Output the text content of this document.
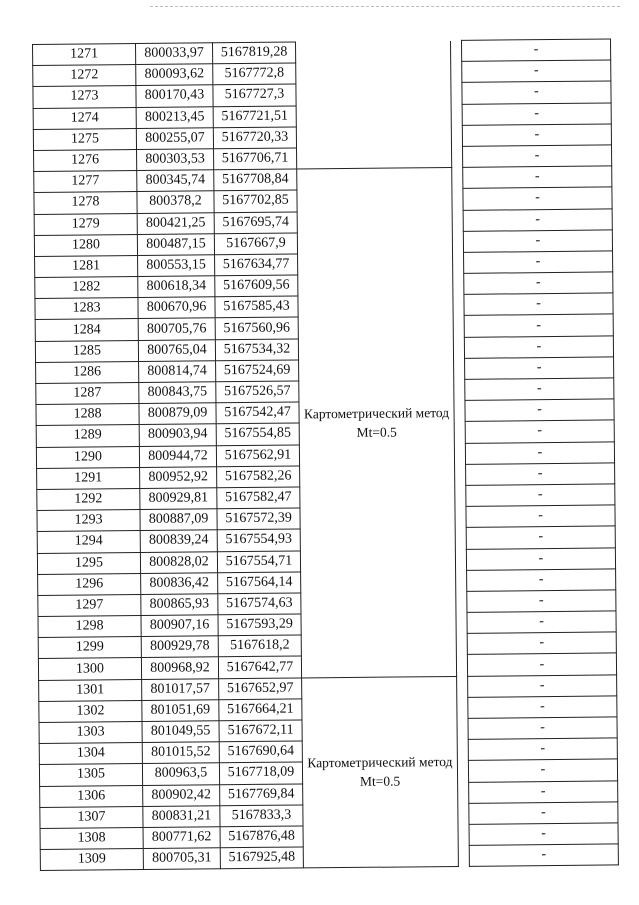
1271	800033,97	5167819,28			-
1272	800093,62	5167772,8			-
1273	800170,43	5167727,3			-
1274	800213,45	5167721,51			-
1275	800255,07	5167720,33			-
1276	800303,53	5167706,71			-
1277	800345,74	5167708,84	Картометрический метод Mt=0.5		-
1278	800378,2	5167702,85			-
1279	800421,25	5167695,74			-
1280	800487,15	5167667,9			-
1281	800553,15	5167634,77			-
1282	800618,34	5167609,56			-
1283	800670,96	5167585,43			-
1284	800705,76	5167560,96			-
1285	800765,04	5167534,32			-
1286	800814,74	5167524,69			-
1287	800843,75	5167526,57			-
1288	800879,09	5167542,47			-
1289	800903,94	5167554,85			-
1290	800944,72	5167562,91			-
1291	800952,92	5167582,26			-
1292	800929,81	5167582,47			-
1293	800887,09	5167572,39			-
1294	800839,24	5167554,93			-
1295	800828,02	5167554,71			-
1296	800836,42	5167564,14			-
1297	800865,93	5167574,63			-
1298	800907,16	5167593,29			-
1299	800929,78	5167618,2			-
1300	800968,92	5167642,77			-
1301	801017,57	5167652,97	Картометрический метод Mt=0.5		-
1302	801051,69	5167664,21			-
1303	801049,55	5167672,11			-
1304	801015,52	5167690,64			-
1305	800963,5	5167718,09			-
1306	800902,42	5167769,84			-
1307	800831,21	5167833,3			-
1308	800771,62	5167876,48			-
1309	800705,31	5167925,48			-
